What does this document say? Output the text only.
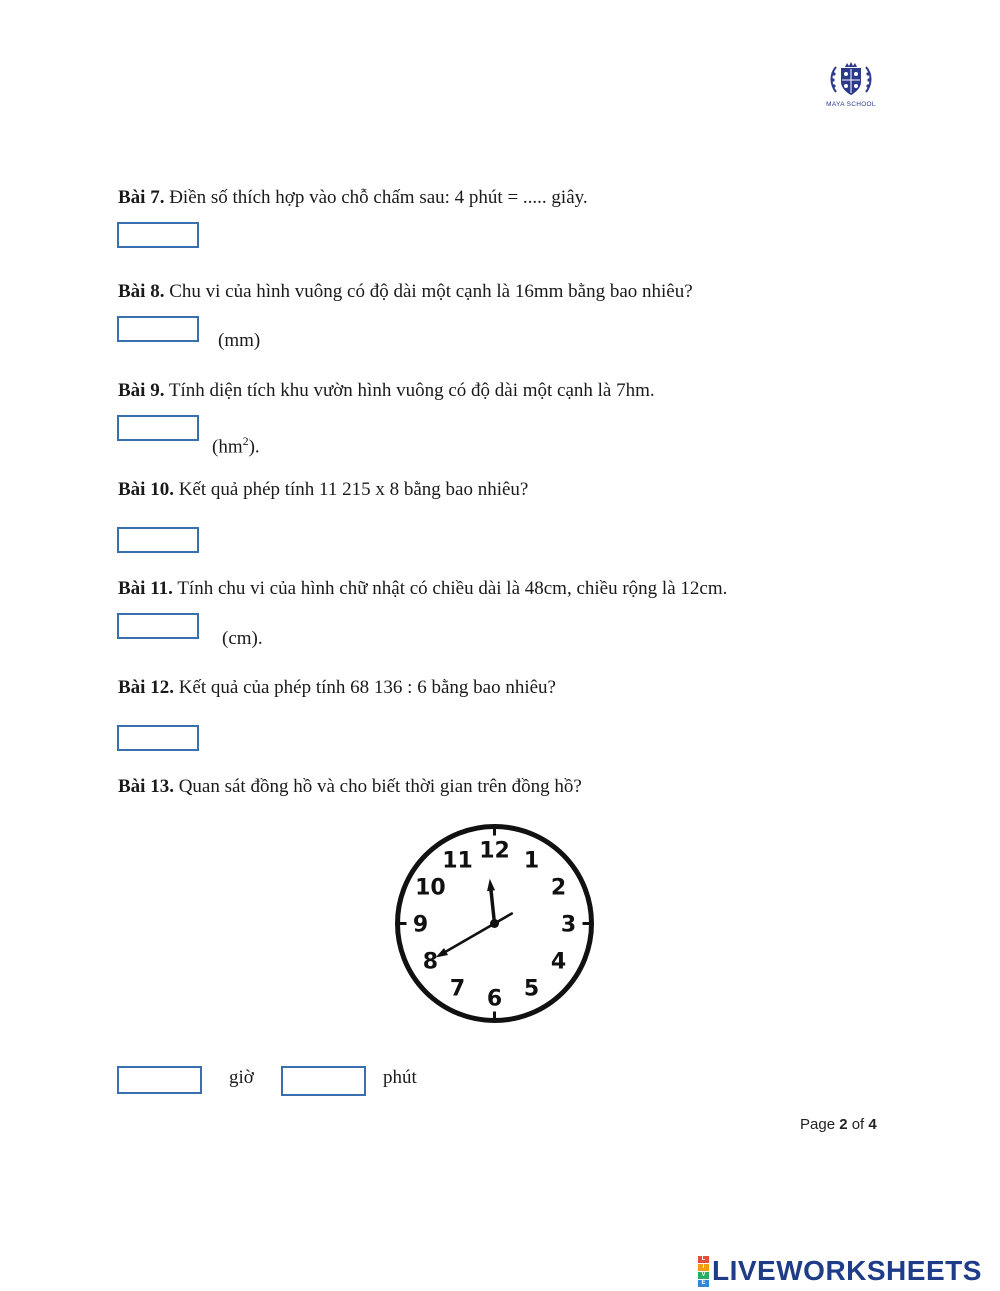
MAYA SCHOOL
Bài 7. Điền số thích hợp vào chỗ chấm sau: 4 phút = ..... giây.
Bài 8. Chu vi của hình vuông có độ dài một cạnh là 16mm bằng bao nhiêu?
(mm)
Bài 9. Tính diện tích khu vườn hình vuông có độ dài một cạnh là 7hm.
$(hm^2)$.
Bài 10. Kết quả phép tính 11 215 x 8 bằng bao nhiêu?
Bài 11. Tính chu vi của hình chữ nhật có chiều dài là 48cm, chiều rộng là 12cm.
(cm).
Bài 12. Kết quả của phép tính 68 136 : 6 bằng bao nhiêu?
Bài 13. Quan sát đồng hồ và cho biết thời gian trên đồng hồ?
12 1
2
3
4
5
6
7
8
9
10
11
giờ	phút
Page 2 of 4
L
I
V
E LIVEWORKSHEETS
